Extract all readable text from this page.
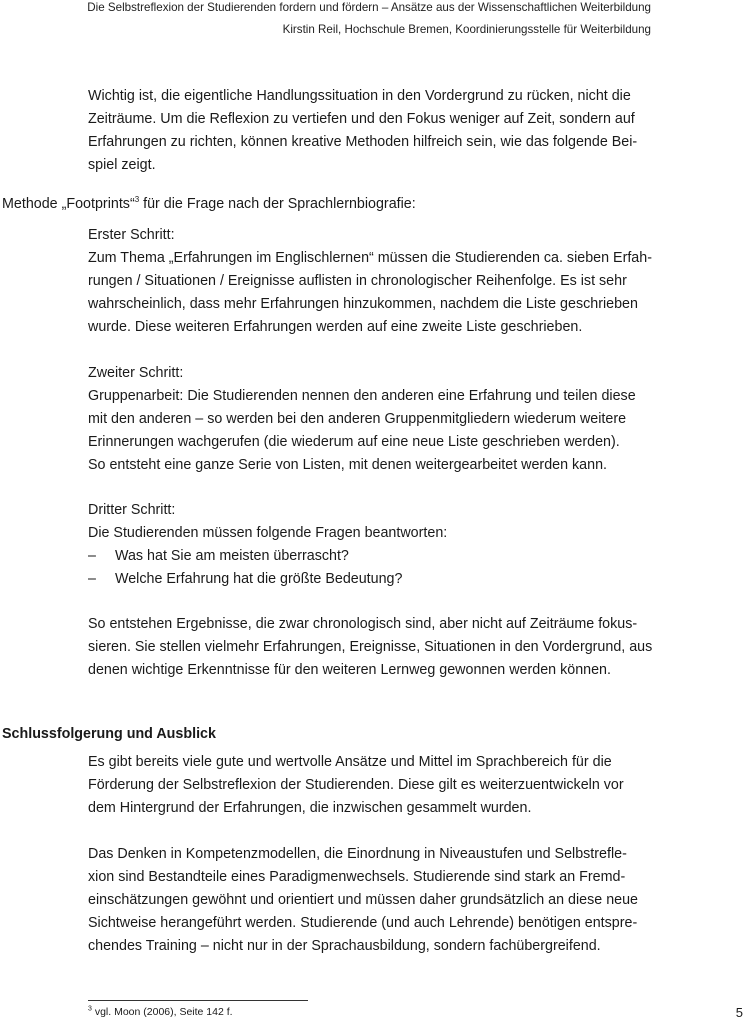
Die Selbstreflexion der Studierenden fordern und fördern – Ansätze aus der Wissenschaftlichen Weiterbildung
Kirstin Reil, Hochschule Bremen, Koordinierungsstelle für Weiterbildung
Wichtig ist, die eigentliche Handlungssituation in den Vordergrund zu rücken, nicht die
Zeiträume. Um die Reflexion zu vertiefen und den Fokus weniger auf Zeit, sondern auf
Erfahrungen zu richten, können kreative Methoden hilfreich sein, wie das folgende Bei-
spiel zeigt.
Methode „Footprints“$^3$ für die Frage nach der Sprachlernbiografie:
Erster Schritt:
Zum Thema „Erfahrungen im Englischlernen“ müssen die Studierenden ca. sieben Erfah-
rungen / Situationen / Ereignisse auflisten in chronologischer Reihenfolge. Es ist sehr
wahrscheinlich, dass mehr Erfahrungen hinzukommen, nachdem die Liste geschrieben
wurde. Diese weiteren Erfahrungen werden auf eine zweite Liste geschrieben.
Zweiter Schritt:
Gruppenarbeit: Die Studierenden nennen den anderen eine Erfahrung und teilen diese
mit den anderen – so werden bei den anderen Gruppenmitgliedern wiederum weitere
Erinnerungen wachgerufen (die wiederum auf eine neue Liste geschrieben werden).
So entsteht eine ganze Serie von Listen, mit denen weitergearbeitet werden kann.
Dritter Schritt:
Die Studierenden müssen folgende Fragen beantworten:
– Was hat Sie am meisten überrascht?
– Welche Erfahrung hat die größte Bedeutung?
So entstehen Ergebnisse, die zwar chronologisch sind, aber nicht auf Zeiträume fokus-
sieren. Sie stellen vielmehr Erfahrungen, Ereignisse, Situationen in den Vordergrund, aus
denen wichtige Erkenntnisse für den weiteren Lernweg gewonnen werden können.
Schlussfolgerung und Ausblick
Es gibt bereits viele gute und wertvolle Ansätze und Mittel im Sprachbereich für die
Förderung der Selbstreflexion der Studierenden. Diese gilt es weiterzuentwickeln vor
dem Hintergrund der Erfahrungen, die inzwischen gesammelt wurden.
Das Denken in Kompetenzmodellen, die Einordnung in Niveaustufen und Selbstrefle-
xion sind Bestandteile eines Paradigmenwechsels. Studierende sind stark an Fremd-
einschätzungen gewöhnt und orientiert und müssen daher grundsätzlich an diese neue
Sichtweise herangeführt werden. Studierende (und auch Lehrende) benötigen entspre-
chendes Training – nicht nur in der Sprachausbildung, sondern fachübergreifend.
$^3$ vgl. Moon (2006), Seite 142 f.	5
